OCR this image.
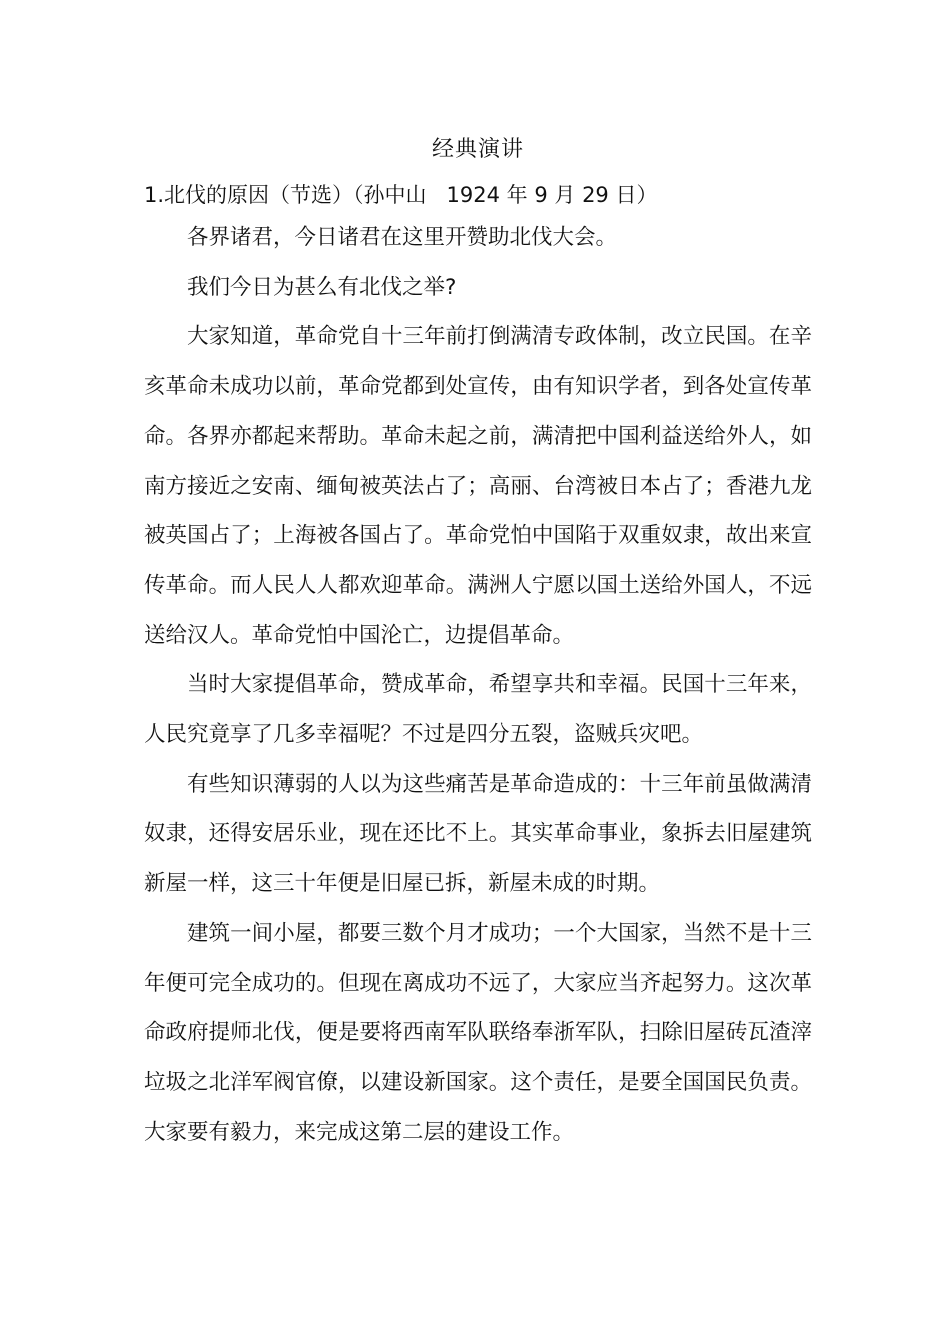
经典演讲
1.北伐的原因（节选）（孙中山   1924 年 9 月 29 日）

各界诸君，今日诸君在这里开赞助北伐大会。

我们今日为甚么有北伐之举?

大家知道，革命党自十三年前打倒满清专政体制，改立民国。在辛亥革命未成功以前，革命党都到处宣传，由有知识学者，到各处宣传革命。各界亦都起来帮助。革命未起之前，满清把中国利益送给外人，如南方接近之安南、缅甸被英法占了；高丽、台湾被日本占了；香港九龙被英国占了；上海被各国占了。革命党怕中国陷于双重奴隶，故出来宣传革命。而人民人人都欢迎革命。满洲人宁愿以国土送给外国人，不远送给汉人。革命党怕中国沦亡，边提倡革命。

当时大家提倡革命，赞成革命，希望享共和幸福。民国十三年来，人民究竟享了几多幸福呢？不过是四分五裂，盗贼兵灾吧。

有些知识薄弱的人以为这些痛苦是革命造成的：十三年前虽做满清奴隶，还得安居乐业，现在还比不上。其实革命事业，象拆去旧屋建筑新屋一样，这三十年便是旧屋已拆，新屋未成的时期。

建筑一间小屋，都要三数个月才成功；一个大国家，当然不是十三年便可完全成功的。但现在离成功不远了，大家应当齐起努力。这次革命政府提师北伐，便是要将西南军队联络奉浙军队，扫除旧屋砖瓦渣滓垃圾之北洋军阀官僚，以建设新国家。这个责任，是要全国国民负责。大家要有毅力，来完成这第二层的建设工作。
